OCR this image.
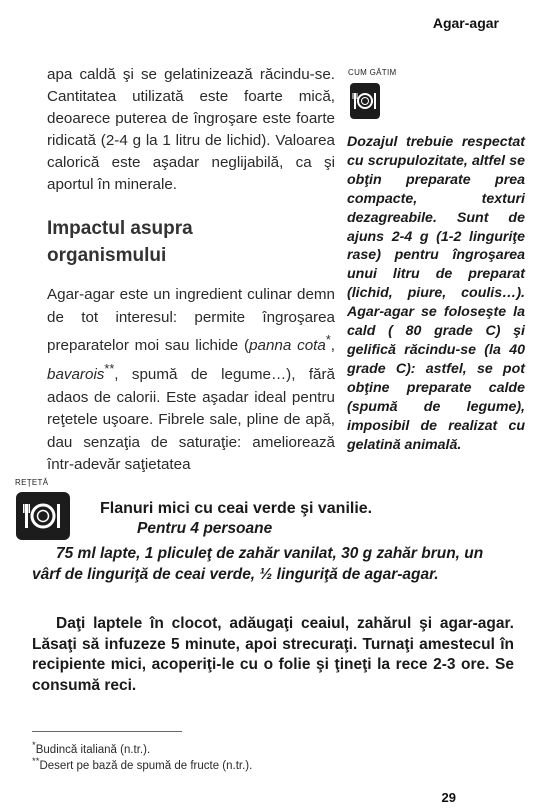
Agar-agar

apa caldă şi se gelatinizează răcindu-se. Cantitatea utilizată este foarte mică, deoarece puterea de îngroşare este foarte ridicată (2-4 g la 1 litru de lichid). Valoarea calorică este aşadar neglijabilă, ca şi aportul în minerale.

Impactul asupra
organismului

Agar-agar este un ingredient culinar demn de tot interesul: permite îngroşarea preparatelor moi sau lichide (panna cota*, bavarois**, spumă de legume…), fără adaos de calorii. Este aşadar ideal pentru reţetele uşoare. Fibrele sale, pline de apă, dau senzaţia de saturaţie: ameliorează într-adevăr saţietatea

CUM GĂTIM

Dozajul trebuie respectat cu scrupulozitate, altfel se obţin preparate prea compacte, texturi dezagreabile. Sunt de ajuns 2-4 g (1-2 linguriţe rase) pentru îngroşarea unui litru de preparat (lichid, piure, coulis…). Agar-agar se foloseşte la cald ( 80 grade C) şi gelifică răcindu-se (la 40 grade C): astfel, se pot obţine preparate calde (spumă de legume), imposibil de realizat cu gelatină animală.

REŢETĂ
Flanuri mici cu ceai verde şi vanilie.
Pentru 4 persoane

75 ml lapte, 1 pliculeţ de zahăr vanilat, 30 g zahăr brun, un vârf de linguriţă de ceai verde, ½ linguriţă de agar-agar.

Daţi laptele în clocot, adăugaţi ceaiul, zahărul şi agar-agar. Lăsaţi să infuzeze 5 minute, apoi strecuraţi. Turnaţi amestecul în recipiente mici, acoperiţi-le cu o folie şi ţineţi la rece 2-3 ore. Se consumă reci.

*Budincă italiană (n.tr.).
**Desert pe bază de spumă de fructe (n.tr.).
29
